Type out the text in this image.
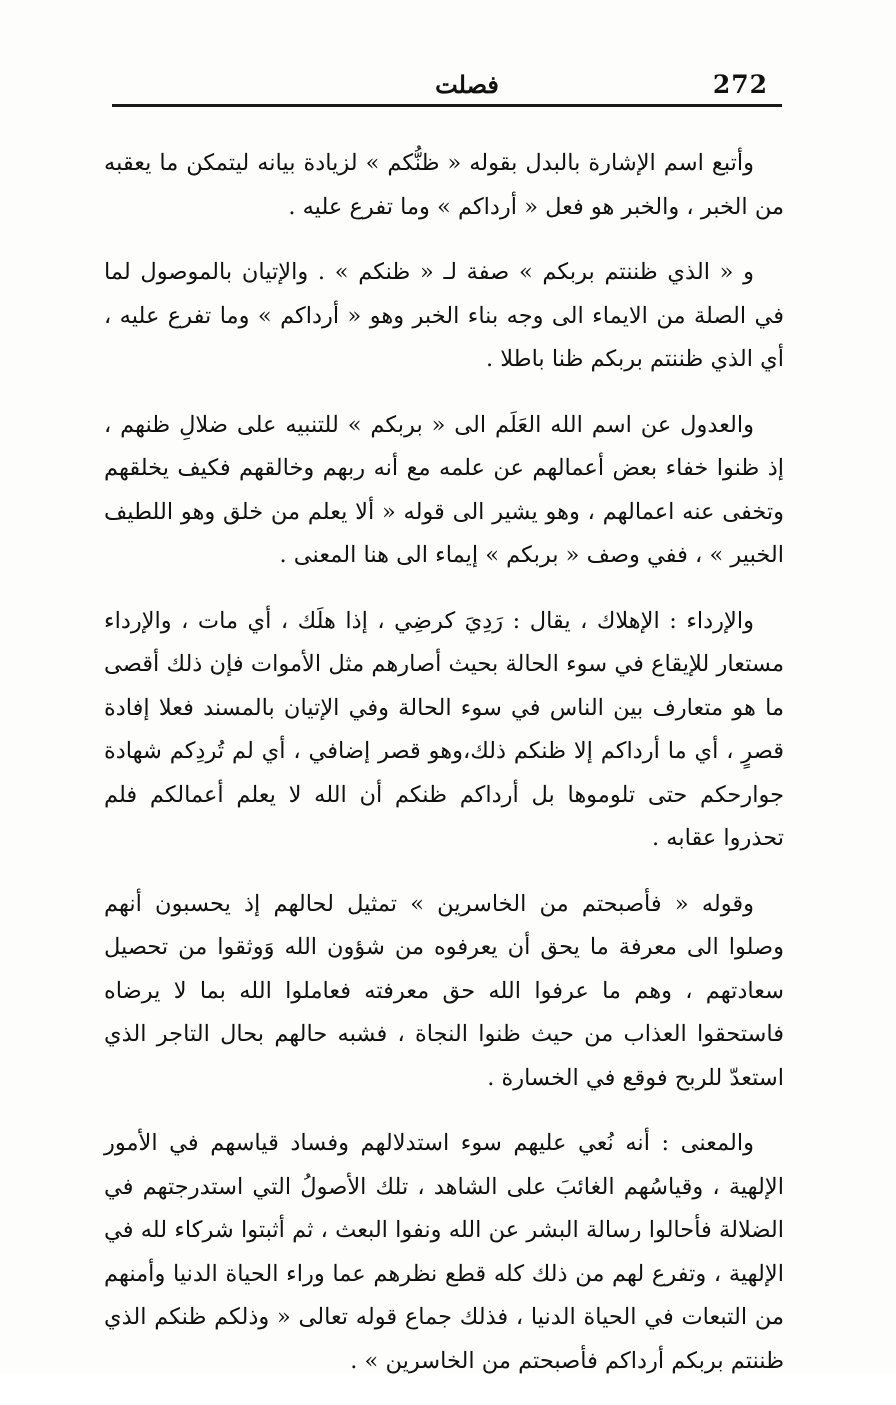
272
فصلت

وأتبع اسم الإشارة بالبدل بقوله « ظنُّكم » لزيادة بيانه ليتمكن ما يعقبه من الخبر ، والخبر هو فعل « أرداكم » وما تفرع عليه .

و « الذي ظننتم بربكم » صفة لـ « ظنكم » . والإتيان بالموصول لما في الصلة من الايماء الى وجه بناء الخبر وهو « أرداكم » وما تفرع عليه ، أي الذي ظننتم بربكم ظنا باطلا .

والعدول عن اسم الله العَلَم الى « بربكم » للتنبيه على ضلالِ ظنهم ، إذ ظنوا خفاء بعض أعمالهم عن علمه مع أنه ربهم وخالقهم فكيف يخلقهم وتخفى عنه اعمالهم ، وهو يشير الى قوله « ألا يعلم من خلق وهو اللطيف الخبير » ، ففي وصف « بربكم » إيماء الى هنا المعنى .

والإرداء : الإهلاك ، يقال : رَدِيَ كرضِي ، إذا هلَك ، أي مات ، والإرداء مستعار للإيقاع في سوء الحالة بحيث أصارهم مثل الأموات فإن ذلك أقصى ما هو متعارف بين الناس في سوء الحالة وفي الإتيان بالمسند فعلا إفادة قصرٍ ، أي ما أرداكم إلا ظنكم ذلك،وهو قصر إضافي ، أي لم تُردِكم شهادة جوارحكم حتى تلوموها بل أرداكم ظنكم أن الله لا يعلم أعمالكم فلم تحذروا عقابه .

وقوله « فأصبحتم من الخاسرين » تمثيل لحالهم إذ يحسبون أنهم وصلوا الى معرفة ما يحق أن يعرفوه من شؤون الله وَوثقوا من تحصيل سعادتهم ، وهم ما عرفوا الله حق معرفته فعاملوا الله بما لا يرضاه فاستحقوا العذاب من حيث ظنوا النجاة ، فشبه حالهم بحال التاجر الذي استعدّ للربح فوقع في الخسارة .

والمعنى : أنه نُعي عليهم سوء استدلالهم وفساد قياسهم في الأمور الإلهية ، وقياسُهم الغائبَ على الشاهد ، تلك الأصولُ التي استدرجتهم في الضلالة فأحالوا رسالة البشر عن الله ونفوا البعث ، ثم أثبتوا شركاء لله في الإلهية ، وتفرع لهم من ذلك كله قطع نظرهم عما وراء الحياة الدنيا وأمنهم من التبعات في الحياة الدنيا ، فذلك جماع قوله تعالى « وذلكم ظنكم الذي ظننتم بربكم أرداكم فأصبحتم من الخاسرين » .
